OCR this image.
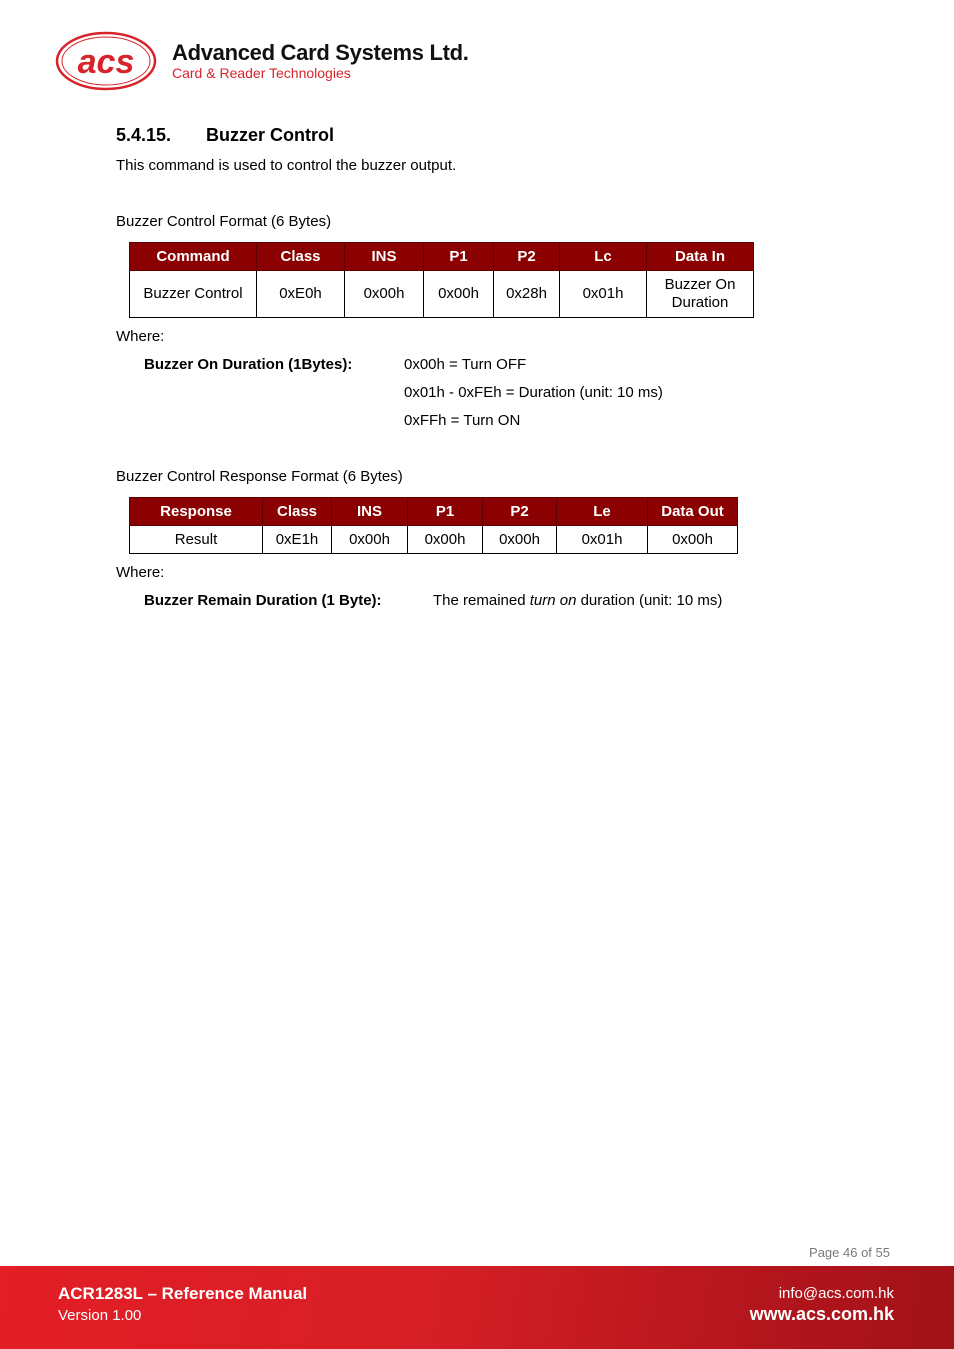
acs Advanced Card Systems Ltd.
Card & Reader Technologies
5.4.15. Buzzer Control
This command is used to control the buzzer output.
Buzzer Control Format (6 Bytes)
Command	Class	INS	P1	P2	Lc	Data In
Buzzer Control	0xE0h	0x00h	0x00h	0x28h	0x01h	Buzzer On
Duration
Where:
Buzzer On Duration (1Bytes):	0x00h = Turn OFF
0x01h - 0xFEh = Duration (unit: 10 ms)
0xFFh = Turn ON
Buzzer Control Response Format (6 Bytes)
Response	Class	INS	P1	P2	Le	Data Out
Result	0xE1h	0x00h	0x00h	0x00h	0x01h	0x00h
Where:
Buzzer Remain Duration (1 Byte):	The remained turn on duration (unit: 10 ms)
Page 46 of 55
ACR1283L – Reference Manual
Version 1.00
info@acs.com.hk
www.acs.com.hk
